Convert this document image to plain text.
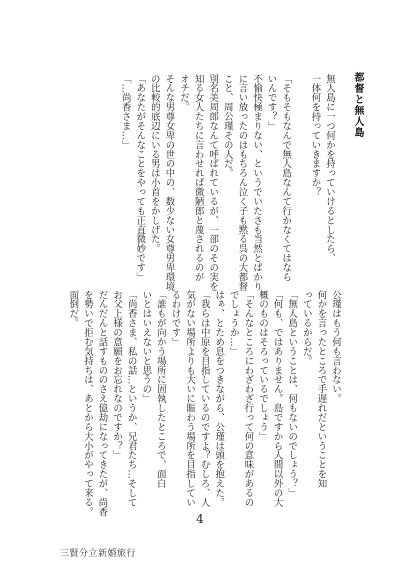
都督と無人島
無人島に一つ何かを持っていけるとしたら、
一体何を持っていきますか？

「そもそもなんで無人島なんて行かなくてはなら
いんです？」
不愉快極まりない、というでいたさも当然とばかり
に言い放ったのはもちろん泣く子も黙る呉の大都督
こと、周公瑾その人だ。
別名美周郎なんて呼ばれているが、一部のその実を
知る女人たちに言わせれば微陋郎と蔑されるのが
オチだ。
そんな男尊女卑の世の中の、数少ない女尊男卑環境
の比較的底辺にいる男は小首をかしげた。
「あなたがそんなことをやっても正直微妙です」
「…尚香さま…」
公瑾はもう何も言わない。
何かを言ったところで手遅れだということを知
っているからだ。
「無人島ということは、何もないのでしょう？」
「何も、ではありません。島ですから人間以外の大
概のものはそろっているでしょう」
「そんなところにわざわざ行って何の意味があるの
でしょうか…」
はぁ、とため息をつきながら、公瑾は頭を抱えた。
「我らは中原を目指しているのですよ？むしろ、人
気がない場所よりも大いに賑わう場所を目指してい
るわけです」
「誰もが向かう場所に固執したところで、面白
いとはいえないと思うの」
「尚香さま、私の話…というか、兄君たち…そして
お父上様の意願をお忘れなのですか？」
だんだんと話すもののさえ億劫になってきたが、尚香
を勢いで拒む気持ちは、あとから大小がやって来る。
面倒だ。
4
三賢分立新婚旅行
